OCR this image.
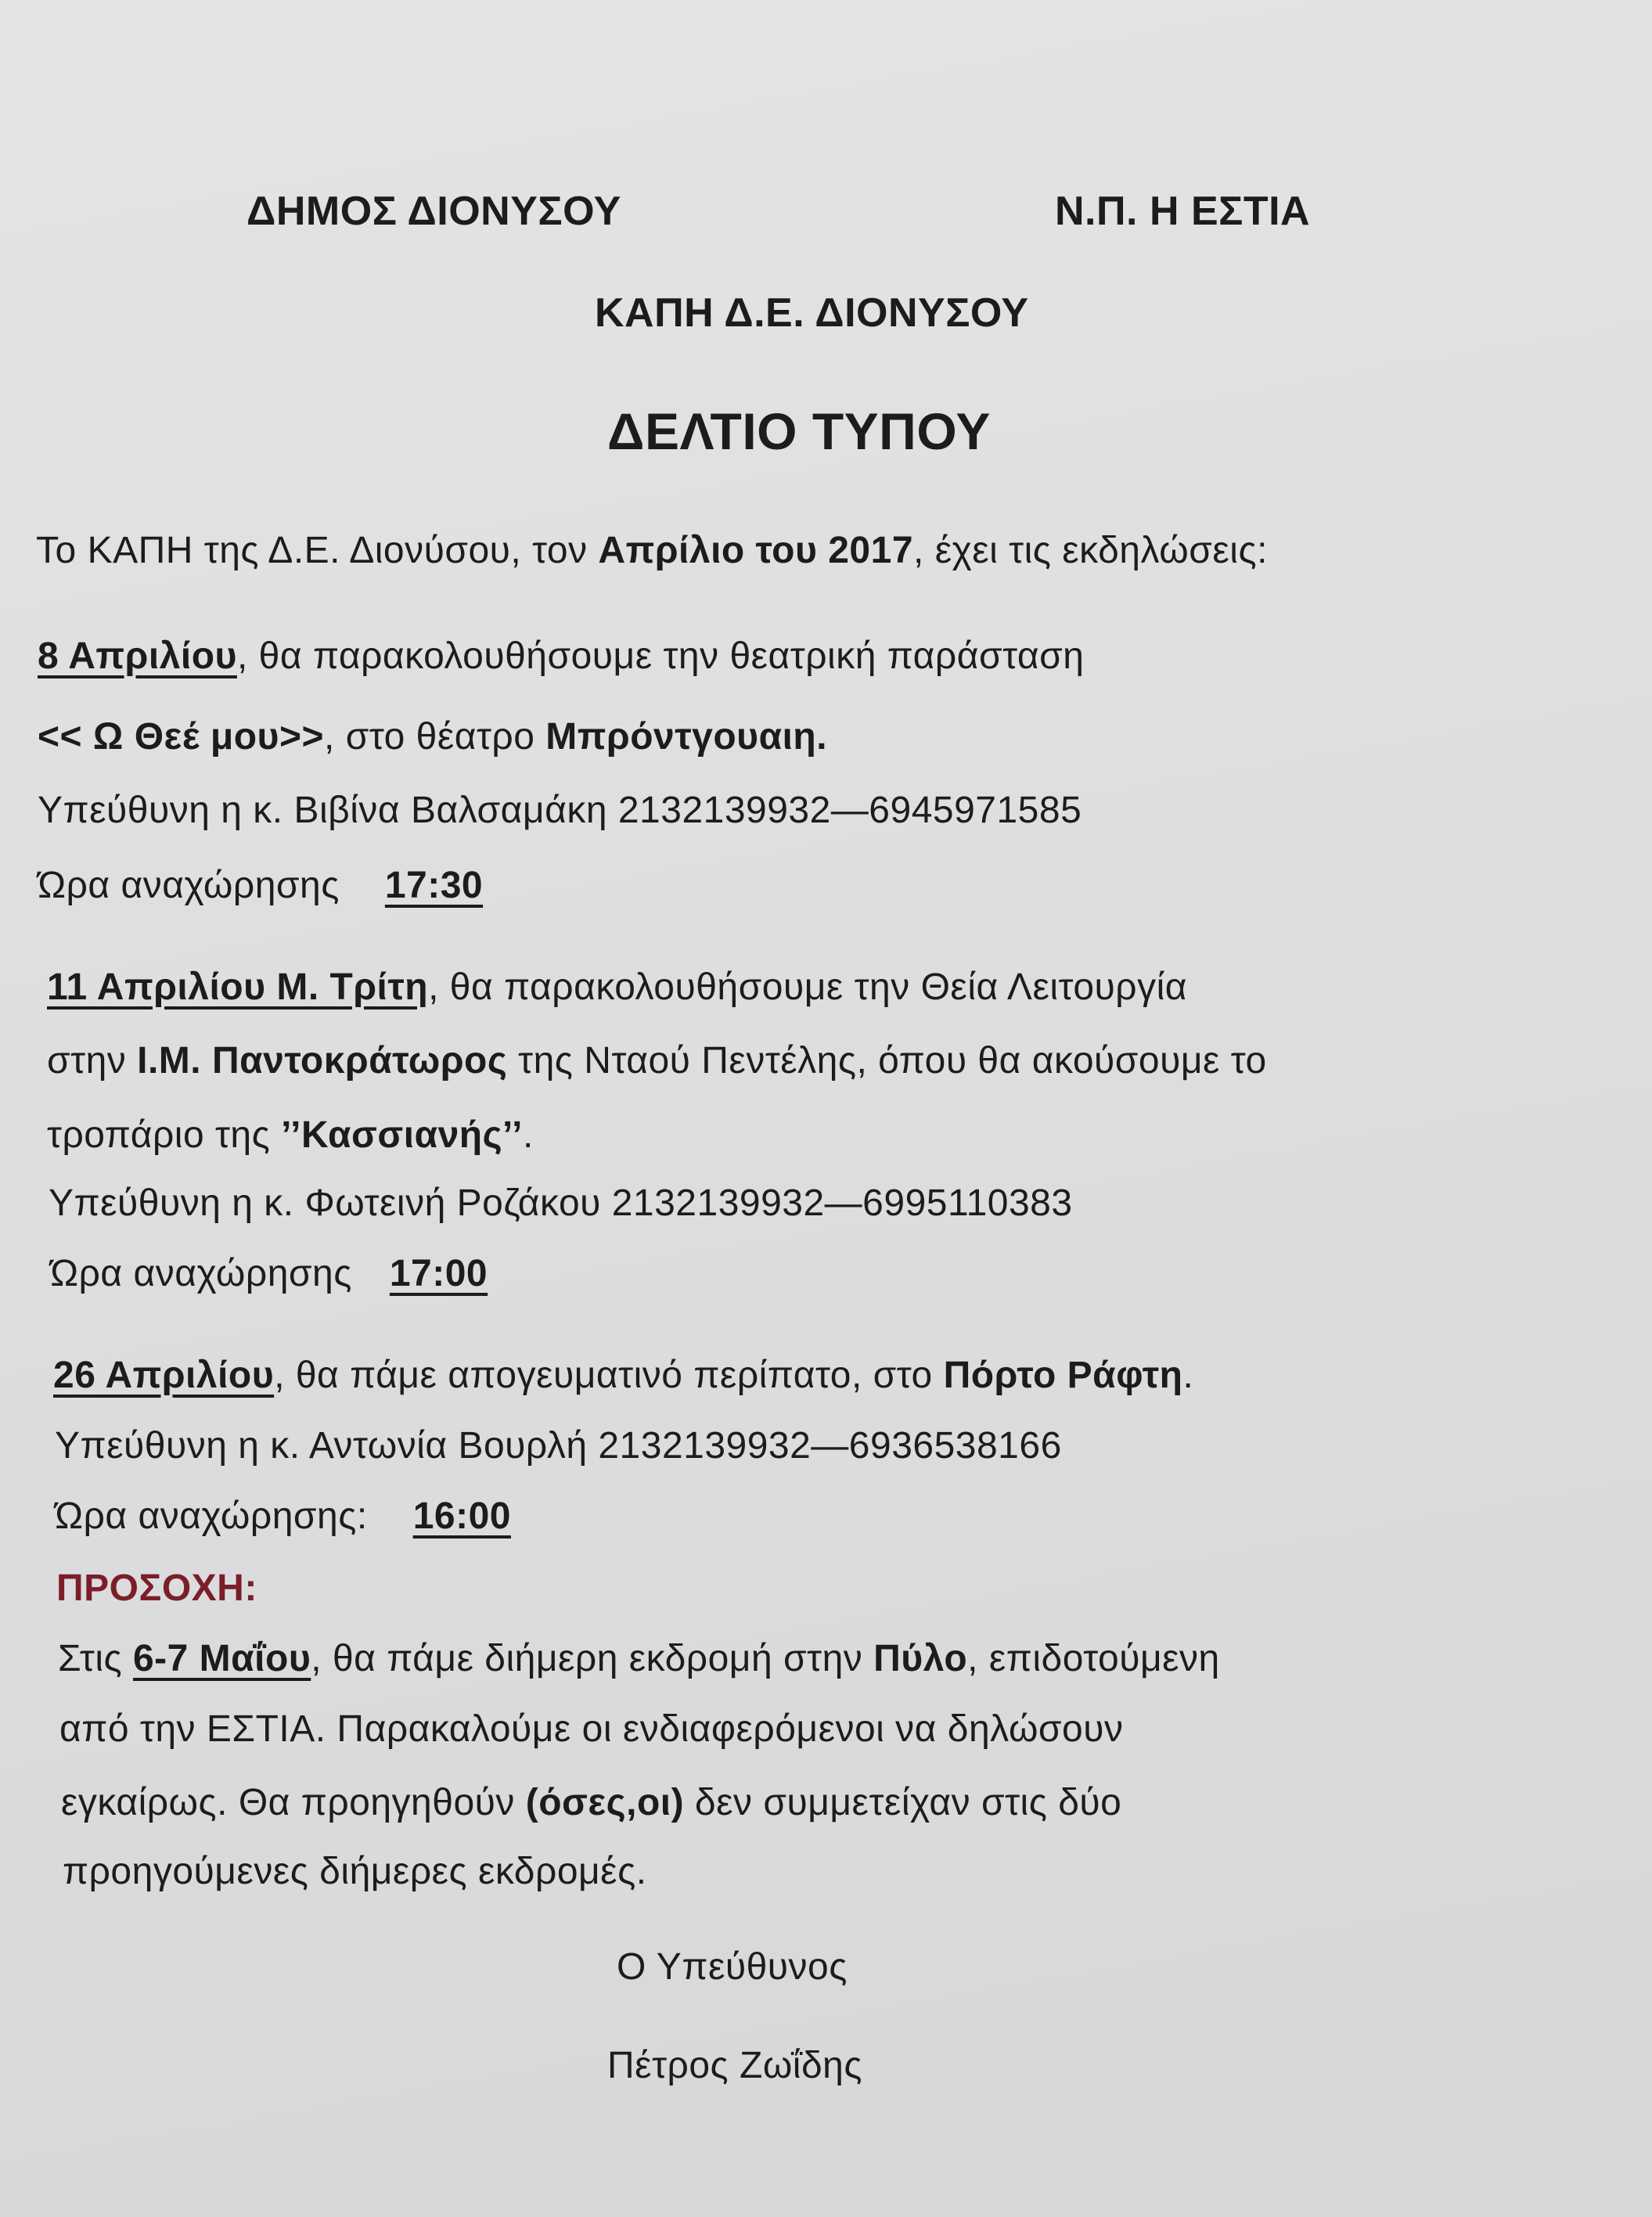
ΔΗΜΟΣ ΔΙΟΝΥΣΟΥ	Ν.Π. Η ΕΣΤΙΑ
ΚΑΠΗ Δ.Ε. ΔΙΟΝΥΣΟΥ
ΔΕΛΤΙΟ ΤΥΠΟΥ
Το ΚΑΠΗ της Δ.Ε. Διονύσου, τον Απρίλιο του 2017, έχει τις εκδηλώσεις:
8 Απριλίου, θα παρακολουθήσουμε την θεατρική παράσταση
<< Ω Θεέ μου>>, στο θέατρο Μπρόντγουαιη.
Υπεύθυνη η κ. Βιβίνα Βαλσαμάκη 2132139932—6945971585
Ώρα αναχώρησης 17:30
11 Απριλίου Μ. Τρίτη, θα παρακολουθήσουμε την Θεία Λειτουργία
στην Ι.Μ. Παντοκράτωρος της Νταού Πεντέλης, όπου θα ακούσουμε το
τροπάριο της ’’Κασσιανής’’.
Υπεύθυνη η κ. Φωτεινή Ροζάκου 2132139932—6995110383
Ώρα αναχώρησης 17:00
26 Απριλίου, θα πάμε απογευματινό περίπατο, στο Πόρτο Ράφτη.
Υπεύθυνη η κ. Αντωνία Βουρλή 2132139932—6936538166
Ώρα αναχώρησης: 16:00
ΠΡΟΣΟΧΗ:
Στις 6-7 Μαΐου, θα πάμε διήμερη εκδρομή στην Πύλο, επιδοτούμενη
από την ΕΣΤΙΑ. Παρακαλούμε οι ενδιαφερόμενοι να δηλώσουν
εγκαίρως. Θα προηγηθούν (όσες,οι) δεν συμμετείχαν στις δύο
προηγούμενες διήμερες εκδρομές.
Ο Υπεύθυνος
Πέτρος Ζωΐδης
